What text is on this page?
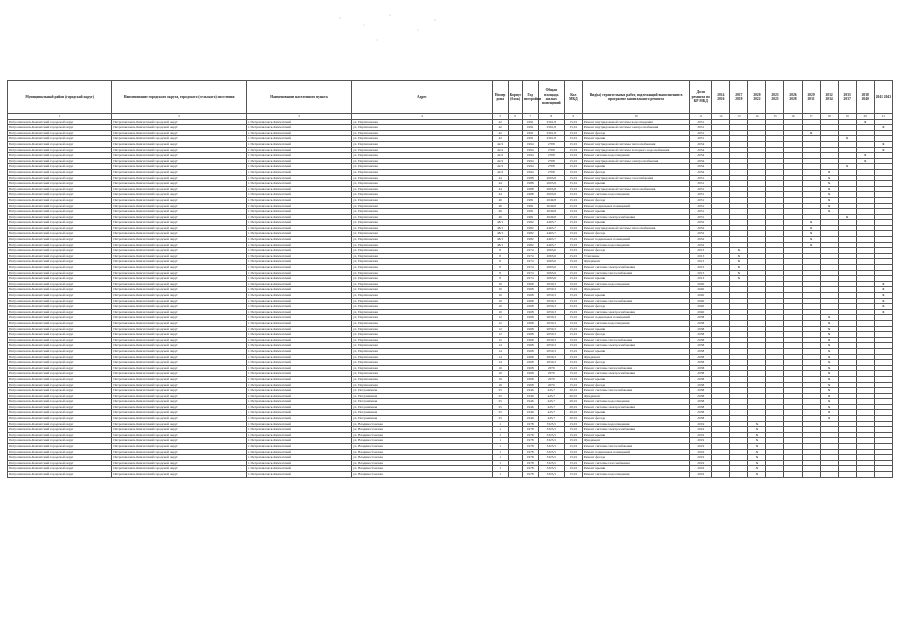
Муниципальный район (городской округ)	Наименование городского округа, городского (сельского) поселения	Наименование населенного пункта	Адрес	Номер дома	Корпус (блок)	Год постройки	Общая площадь жилых помещений	Кол МКД	Вид(ы) строительных работ, подлежащий выполнению в программе капитального ремонта	Доля ремонта по КР МКД	2014 2016	2017 2019	2020 2022	2023 2025	2026 2028	2029 2031	2032 2034	2035 2037	2038 2040	2041 2043
1	2	3	4	5	6	7	8	9	10	11	12	13	14	15	16	17	18	19	20	21
Петропавловск-Камчатский городской округ	Петропавловск-Камчатский городской округ	г. Петропавловск-Камчатский	ул. Партизанская	42		1991	2561,8	15,01	Ремонт внутридомовой системы водоотведения	2031									X	
Петропавловск-Камчатский городской округ	Петропавловск-Камчатский городской округ	г. Петропавловск-Камчатский	ул. Партизанская	42		1991	2561,8	15,01	Ремонт внутридомовой системы электроснабжения	2031										X
Петропавловск-Камчатский городской округ	Петропавловск-Камчатский городской округ	г. Петропавловск-Камчатский	ул. Партизанская	42		1991	2561,8	15,01	Ремонт фасада	2031						X				
Петропавловск-Камчатский городской округ	Петропавловск-Камчатский городской округ	г. Петропавловск-Камчатский	ул. Партизанская	42		1991	2561,8	15,01	Ремонт крыши	2031								X		
Петропавловск-Камчатский городской округ	Петропавловск-Камчатский городской округ	г. Петропавловск-Камчатский	ул. Партизанская	42/2		1994	2708	15,01	Ремонт внутридомовой системы теплоснабжения	2034										X
Петропавловск-Камчатский городской округ	Петропавловск-Камчатский городской округ	г. Петропавловск-Камчатский	ул. Партизанская	42/2		1994	2708	15,01	Ремонт внутридомовой системы холодного водоснабжения	2034										X
Петропавловск-Камчатский городской округ	Петропавловск-Камчатский городской округ	г. Петропавловск-Камчатский	ул. Партизанская	42/2		1994	2708	15,01	Ремонт системы водоотведения	2034									X	
Петропавловск-Камчатский городской округ	Петропавловск-Камчатский городской округ	г. Петропавловск-Камчатский	ул. Партизанская	42/2		1994	2708	15,01	Ремонт внутридомовой системы электроснабжения	2034									X	
Петропавловск-Камчатский городской округ	Петропавловск-Камчатский городской округ	г. Петропавловск-Камчатский	ул. Партизанская	42/2		1994	2708	15,01	Ремонт крыши	2034								X		
Петропавловск-Камчатский городской округ	Петропавловск-Камчатский городской округ	г. Петропавловск-Камчатский	ул. Партизанская	42/2		1994	2708	15,01	Ремонт фасада	2034							X			
Петропавловск-Камчатский городской округ	Петропавловск-Камчатский городской округ	г. Петропавловск-Камчатский	ул. Партизанская	44		1988	2005,8	15,01	Ремонт внутридомовой системы газоснабжения	2031							X			
Петропавловск-Камчатский городской округ	Петропавловск-Камчатский городской округ	г. Петропавловск-Камчатский	ул. Партизанская	44		1988	2005,8	15,01	Ремонт крыши	2031							X			
Петропавловск-Камчатский городской округ	Петропавловск-Камчатский городской округ	г. Петропавловск-Камчатский	ул. Партизанская	44		1988	2005,8	15,01	Ремонт внутридомовой системы теплоснабжения	2031							X			
Петропавловск-Камчатский городской округ	Петропавловск-Камчатский городской округ	г. Петропавловск-Камчатский	ул. Партизанская	44		1988	2005,8	15,01	Ремонт системы водоотведения	2031							X			
Петропавловск-Камчатский городской округ	Петропавловск-Камчатский городской округ	г. Петропавловск-Камчатский	ул. Партизанская	46		1981	2049,8	15,01	Ремонт фасада	2031							X			
Петропавловск-Камчатский городской округ	Петропавловск-Камчатский городской округ	г. Петропавловск-Камчатский	ул. Партизанская	46		1981	2049,8	15,01	Ремонт подвальных помещений	2031							X			
Петропавловск-Камчатский городской округ	Петропавловск-Камчатский городской округ	г. Петропавловск-Камчатский	ул. Партизанская	46		1981	2049,8	15,01	Ремонт крыши	2031							X			
Петропавловск-Камчатский городской округ	Петропавловск-Камчатский городской округ	г. Петропавловск-Камчатский	ул. Партизанская	46		1981	2049,8	15,01	Ремонт системы электроснабжения	2031								X		
Петропавловск-Камчатский городской округ	Петропавловск-Камчатский городской округ	г. Петропавловск-Камчатский	ул. Партизанская	48/1		1982	4463,7	15,01	Ремонт крыши	2032						X				
Петропавловск-Камчатский городской округ	Петропавловск-Камчатский городской округ	г. Петропавловск-Камчатский	ул. Партизанская	48/1		1982	4463,7	15,01	Ремонт внутридомовой системы теплоснабжения	2032						X				
Петропавловск-Камчатский городской округ	Петропавловск-Камчатский городской округ	г. Петропавловск-Камчатский	ул. Партизанская	48/1		1982	4463,7	15,01	Ремонт фасада	2032						X				
Петропавловск-Камчатский городской округ	Петропавловск-Камчатский городской округ	г. Петропавловск-Камчатский	ул. Партизанская	48/1		1982	4463,7	15,01	Ремонт подвальных помещений	2032						X				
Петропавловск-Камчатский городской округ	Петропавловск-Камчатский городской округ	г. Петропавловск-Камчатский	ул. Партизанская	48/1		1982	4463,7	15,01	Ремонт системы водоотведения	2032						X				
Петропавловск-Камчатский городской округ	Петропавловск-Камчатский городской округ	г. Петропавловск-Камчатский	ул. Партизанская	8		1974	2063,6	15,01	Ремонт фасада	2013		X								
Петропавловск-Камчатский городской округ	Петропавловск-Камчатский городской округ	г. Петропавловск-Камчатский	ул. Партизанская	8		1974	2063,6	15,01	Утепление	2013		X								
Петропавловск-Камчатский городской округ	Петропавловск-Камчатский городской округ	г. Петропавловск-Камчатский	ул. Партизанская	8		1974	2063,6	15,01	Фундамент	2013		X								
Петропавловск-Камчатский городской округ	Петропавловск-Камчатский городской округ	г. Петропавловск-Камчатский	ул. Партизанская	8		1974	2063,6	15,01	Ремонт системы электроснабжения	2013		X								
Петропавловск-Камчатский городской округ	Петропавловск-Камчатский городской округ	г. Петропавловск-Камчатский	ул. Партизанская	8		1974	2063,6	15,01	Ремонт системы теплоснабжения	2013		X								
Петропавловск-Камчатский городской округ	Петропавловск-Камчатский городской округ	г. Петропавловск-Камчатский	ул. Партизанская	8		1974	2063,6	15,01	Ремонт крыши	2013		X								
Петропавловск-Камчатский городской округ	Петропавловск-Камчатский городской округ	г. Петропавловск-Камчатский	ул. Партизанская	10		1968	2050,3	15,01	Ремонт системы водоотведения	2040										X
Петропавловск-Камчатский городской округ	Петропавловск-Камчатский городской округ	г. Петропавловск-Камчатский	ул. Партизанская	10		1968	2050,3	15,01	Фундамент	2040										X
Петропавловск-Камчатский городской округ	Петропавловск-Камчатский городской округ	г. Петропавловск-Камчатский	ул. Партизанская	10		1968	2050,3	15,01	Ремонт крыши	2040										X
Петропавловск-Камчатский городской округ	Петропавловск-Камчатский городской округ	г. Петропавловск-Камчатский	ул. Партизанская	10		1968	2050,3	15,01	Ремонт системы теплоснабжения	2040										X
Петропавловск-Камчатский городской округ	Петропавловск-Камчатский городской округ	г. Петропавловск-Камчатский	ул. Партизанская	10		1968	2050,3	15,01	Ремонт фасада	2040										X
Петропавловск-Камчатский городской округ	Петропавловск-Камчатский городской округ	г. Петропавловск-Камчатский	ул. Партизанская	10		1968	2050,3	15,01	Ремонт системы электроснабжения	2040										X
Петропавловск-Камчатский городской округ	Петропавловск-Камчатский городской округ	г. Петропавловск-Камчатский	ул. Партизанская	12		1968	2050,3	15,01	Ремонт подвальных помещений	2038							X			
Петропавловск-Камчатский городской округ	Петропавловск-Камчатский городской округ	г. Петропавловск-Камчатский	ул. Партизанская	12		1968	2050,3	15,01	Ремонт системы водоотведения	2038							X			
Петропавловск-Камчатский городской округ	Петропавловск-Камчатский городской округ	г. Петропавловск-Камчатский	ул. Партизанская	12		1968	2050,3	15,01	Ремонт крыши	2038							X			
Петропавловск-Камчатский городской округ	Петропавловск-Камчатский городской округ	г. Петропавловск-Камчатский	ул. Партизанская	12		1968	2050,3	15,01	Ремонт фасада	2038							X			
Петропавловск-Камчатский городской округ	Петропавловск-Камчатский городской округ	г. Петропавловск-Камчатский	ул. Партизанская	12		1968	2050,3	15,01	Ремонт системы теплоснабжения	2038							X			
Петропавловск-Камчатский городской округ	Петропавловск-Камчатский городской округ	г. Петропавловск-Камчатский	ул. Партизанская	14		1968	2050,3	15,01	Ремонт системы электроснабжения	2038							X			
Петропавловск-Камчатский городской округ	Петропавловск-Камчатский городской округ	г. Петропавловск-Камчатский	ул. Партизанская	14		1968	2050,3	15,01	Ремонт крыши	2038							X			
Петропавловск-Камчатский городской округ	Петропавловск-Камчатский городской округ	г. Петропавловск-Камчатский	ул. Партизанская	14		1968	2050,3	15,01	Фундамент	2038							X			
Петропавловск-Камчатский городской округ	Петропавловск-Камчатский городской округ	г. Петропавловск-Камчатский	ул. Партизанская	14		1968	2050,3	15,01	Ремонт фасада	2038							X			
Петропавловск-Камчатский городской округ	Петропавловск-Камчатский городской округ	г. Петропавловск-Камчатский	ул. Партизанская	16		1968	2070	15,01	Ремонт системы теплоснабжения	2038							X			
Петропавловск-Камчатский городской округ	Петропавловск-Камчатский городской округ	г. Петропавловск-Камчатский	ул. Партизанская	16		1968	2070	15,01	Ремонт системы электроснабжения	2038							X			
Петропавловск-Камчатский городской округ	Петропавловск-Камчатский городской округ	г. Петропавловск-Камчатский	ул. Партизанская	16		1968	2070	15,01	Ремонт крыши	2038							X			
Петропавловск-Камчатский городской округ	Петропавловск-Камчатский городской округ	г. Петропавловск-Камчатский	ул. Партизанская	16		1968	2070	15,01	Ремонт фасада	2038							X			
Петропавловск-Камчатский городской округ	Петропавловск-Камчатский городской округ	г. Петропавловск-Камчатский	ул. Пограничная	25		1946	445,7	20,01	Ремонт системы теплоснабжения	2038							X			
Петропавловск-Камчатский городской округ	Петропавловск-Камчатский городской округ	г. Петропавловск-Камчатский	ул. Пограничная	25		1946	445,7	20,01	Фундамент	2038							X			
Петропавловск-Камчатский городской округ	Петропавловск-Камчатский городской округ	г. Петропавловск-Камчатский	ул. Пограничная	25		1946	445,7	20,01	Ремонт системы водоотведения	2038							X			
Петропавловск-Камчатский городской округ	Петропавловск-Камчатский городской округ	г. Петропавловск-Камчатский	ул. Пограничная	25		1946	445,7	20,01	Ремонт системы электроснабжения	2038							X			
Петропавловск-Камчатский городской округ	Петропавловск-Камчатский городской округ	г. Петропавловск-Камчатский	ул. Пограничная	25		1946	445,7	20,01	Ремонт крыши	2038							X			
Петропавловск-Камчатский городской округ	Петропавловск-Камчатский городской округ	г. Петропавловск-Камчатский	ул. Пограничная	25		1946	445,7	20,01	Ремонт фасада	2038							X			
Петропавловск-Камчатский городской округ	Петропавловск-Камчатский городской округ	г. Петропавловск-Камчатский	ул. Владивостокская	1		1978	3325,5	15,01	Ремонт системы водоотведения	2019			X							
Петропавловск-Камчатский городской округ	Петропавловск-Камчатский городской округ	г. Петропавловск-Камчатский	ул. Владивостокская	1		1978	3325,5	15,01	Ремонт системы электроснабжения	2019			X							
Петропавловск-Камчатский городской округ	Петропавловск-Камчатский городской округ	г. Петропавловск-Камчатский	ул. Владивостокская	1		1978	3325,5	15,01	Ремонт крыши	2019			X							
Петропавловск-Камчатский городской округ	Петропавловск-Камчатский городской округ	г. Петропавловск-Камчатский	ул. Владивостокская	1		1978	3325,5	15,01	Фундамент	2019			X							
Петропавловск-Камчатский городской округ	Петропавловск-Камчатский городской округ	г. Петропавловск-Камчатский	ул. Владивостокская	1		1978	3325,5	15,01	Ремонт системы теплоснабжения	2019			X							
Петропавловск-Камчатский городской округ	Петропавловск-Камчатский городской округ	г. Петропавловск-Камчатский	ул. Владивостокская	1		1978	3325,5	15,01	Ремонт подвальных помещений	2019			X							
Петропавловск-Камчатский городской округ	Петропавловск-Камчатский городской округ	г. Петропавловск-Камчатский	ул. Владивостокская	1		1978	3325,5	15,01	Ремонт фасада	2019			X							
Петропавловск-Камчатский городской округ	Петропавловск-Камчатский городской округ	г. Петропавловск-Камчатский	ул. Владивостокская	1		1978	3325,5	15,01	Ремонт системы газоснабжения	2019			X							
Петропавловск-Камчатский городской округ	Петропавловск-Камчатский городской округ	г. Петропавловск-Камчатский	ул. Владивостокская	1		1978	3325,5	15,01	Ремонт крыши	2019			X							
Петропавловск-Камчатский городской округ	Петропавловск-Камчатский городской округ	г. Петропавловск-Камчатский	ул. Владивостокская	1		1978	3325,5	15,01	Ремонт системы водоотведения	2019			X							
